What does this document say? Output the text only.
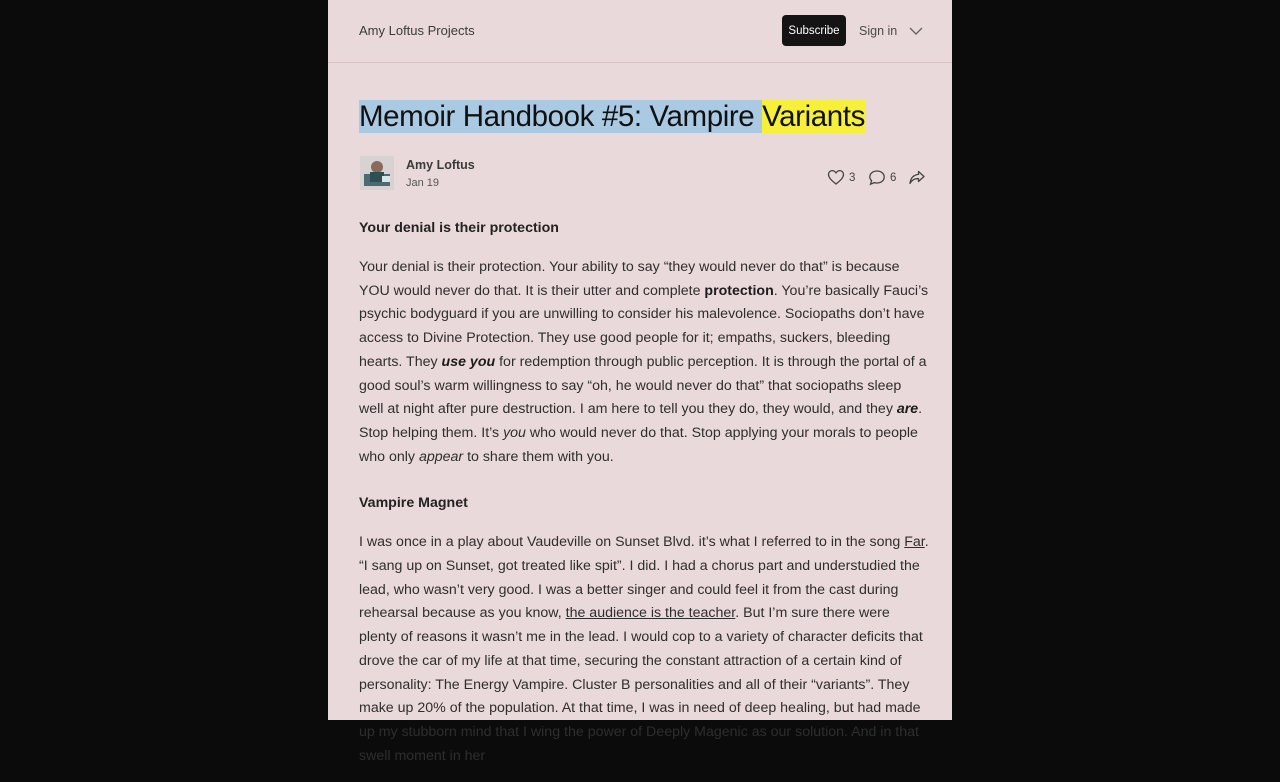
Amy Loftus Projects	Subscribe	Sign in
Memoir Handbook #5: Vampire Variants
Amy Loftus
Jan 19	3	6
Your denial is their protection

Your denial is their protection. Your ability to say “they would never do that” is because YOU would never do that. It is their utter and complete protection. You’re basically Fauci’s psychic bodyguard if you are unwilling to consider his malevolence. Sociopaths don’t have access to Divine Protection. They use good people for it; empaths, suckers, bleeding hearts. They use you for redemption through public perception. It is through the portal of a good soul’s warm willingness to say “oh, he would never do that” that sociopaths sleep well at night after pure destruction. I am here to tell you they do, they would, and they are. Stop helping them. It’s you who would never do that. Stop applying your morals to people who only appear to share them with you.

Vampire Magnet

I was once in a play about Vaudeville on Sunset Blvd. it’s what I referred to in the song Far. “I sang up on Sunset, got treated like spit”. I did. I had a chorus part and understudied the lead, who wasn’t very good. I was a better singer and could feel it from the cast during rehearsal because as you know, the audience is the teacher. But I’m sure there were plenty of reasons it wasn’t me in the lead. I would cop to a variety of character deficits that drove the car of my life at that time, securing the constant attraction of a certain kind of personality: The Energy Vampire. Cluster B personalities and all of their “variants”. They make up 20% of the population. At that time, I was in need of deep healing, but had made up my stubborn mind that I wing the power of Deeply Magenic as our solution. And in that swell moment in her
